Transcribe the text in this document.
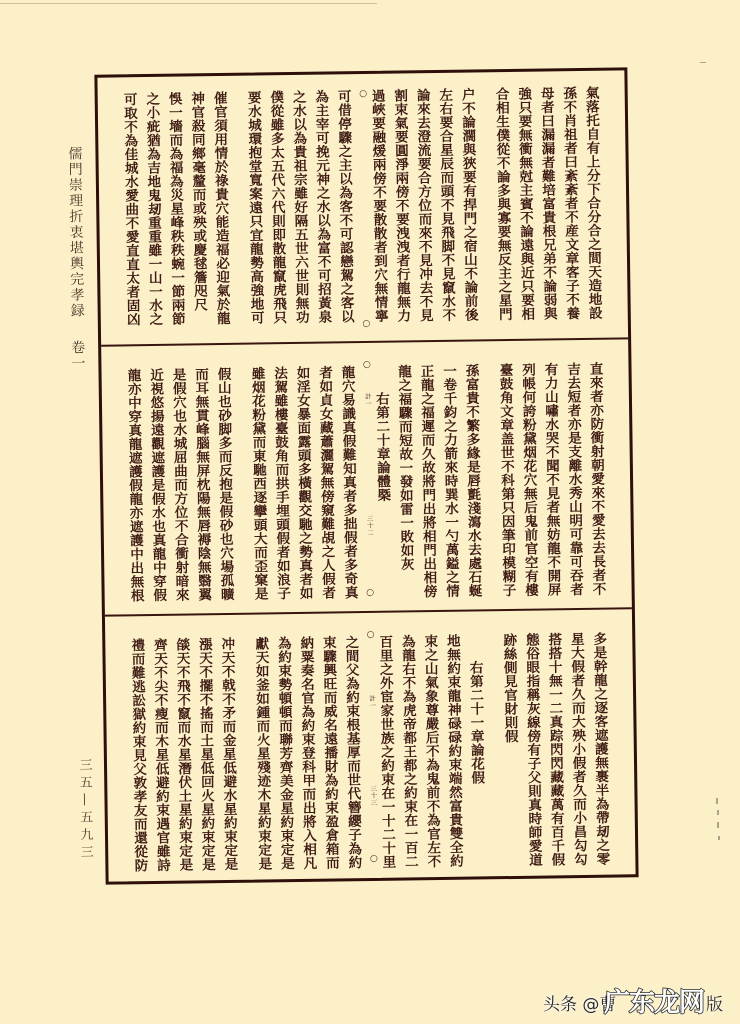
儒門崇理折衷堪輿完孝録卷一
三五—五九三
氣落托自有上分下合分合之間天造地設
孫不肖祖者曰紊紊者不産文章客子不養
母者曰漏漏者難培富貴根兄弟不論弱與
強只要無衝無尅主賓不論遠與近只要相
合相生僕從不論多與寡要無反主之星門
户不論濶與狹要有捍門之宿山不論前後
左右要合星辰而頭不見飛脚不見竄水不
論來去澄流要合方位而來不見冲去不見
割束氣要圓淨兩傍不要洩洩者行龍無力
過峽要融煖兩傍不要散散者到穴無情寧
可借停驟之主以為客不可認戀駕之客以
為主宰可挽元神之水以為富不可招黃泉
之水以為貴祖宗雖好隔五世六世則無功
僕從雖多太五代六代則即散龍竄虎飛只
要水城環抱堂寬案遠只宜龍勢高強地可
催官須用情於祿貴穴能造福必迎氣於龍
神官殺同鄉毫釐而或殃或慶毬簷咫尺
悞一墻而為福為災星峰秩秩蜿一節兩節
之小疵猶為吉地鬼刼重重雖一山一水之
可取不為佳城水愛曲不愛直直太者固凶	○
○
直來者亦防衝射朝愛來不愛去去長者不
吉去短者亦是支離水秀山明可靠可吞者
有力山嘯水哭不聞不見者無妨龍不開屏
列帳何誇粉黛烟花穴無后鬼前官空有樓
臺鼓角文章盖世不科第只因筆印模糊子
孫富貴不繁多緣是唇氈淺瀉水去處石蜒
一卷千鈞之力箭來時巽水一勺萬鎰之情
正龍之福遲而久故將門出將相門出相傍
龍之福驟而短故一發如雷一敗如灰
右第二十章論體槩
龍穴易識真假難知真者多拙假者多奇真
者如貞女藏蕭灑駕無傍窺難覘之人假者
如淫女暴面露頭多橫觀交馳之勢真者如
法駕雖樓臺鼓角而拱手埋頭假者如浪子
雖烟花粉黛而東馳西逐攣頭大而歪窠是
假山也砂脚多而反抱是假砂也穴場孤曠
而耳無貫峰腦無屏枕陽無唇褥陰無翳翼
是假穴也水城屈曲而方位不合衝射暗來
近視悠揚遠觀遮護是假水也真龍中穿假
龍亦中穿真龍遮護假龍亦遮護中出無根
○
計一
三十二
○
多是幹龍之逐客遮護無裹半為帶刼之零
星大假者久而大殃小假者久而小昌勾勾
搭搭十無一二真踪閃閃藏藏萬有百千假
態俗眼指稱灰線傍有子父則真時師愛道
跡絲側見官財則假
右第二十一章論花假
地無約束龍神碌碌約束端然富貴雙全約
束之山氣象尊嚴后不為鬼前不為官左不
為龍右不為虎帝都王都之約束在一百二
百里之外宦家世族之約束在一十二十里
之間父為約束根基厚而世代簪纓子為約
束驟興旺而威名遠播財為約束盈倉箱而
納粟奏名官為約束登科甲而出將入相凡
為約束勢頓頓而聯芳齊美金星約束定是
獻天如釜如鍾而火星殘迹木星約束定是
冲天不戟不矛而金星低避水星約束定是
漲天不擺不搖而土星低回火星約束定是
燄天不飛不竄而水星潛伏土星約束定是
齊天不尖不瘦而木星低避約束遇官雖詩
禮而難逃訟獄約束見父敦孝友而還從防
○
計一
三十三
○
头条 @曹
广东龙网 版
